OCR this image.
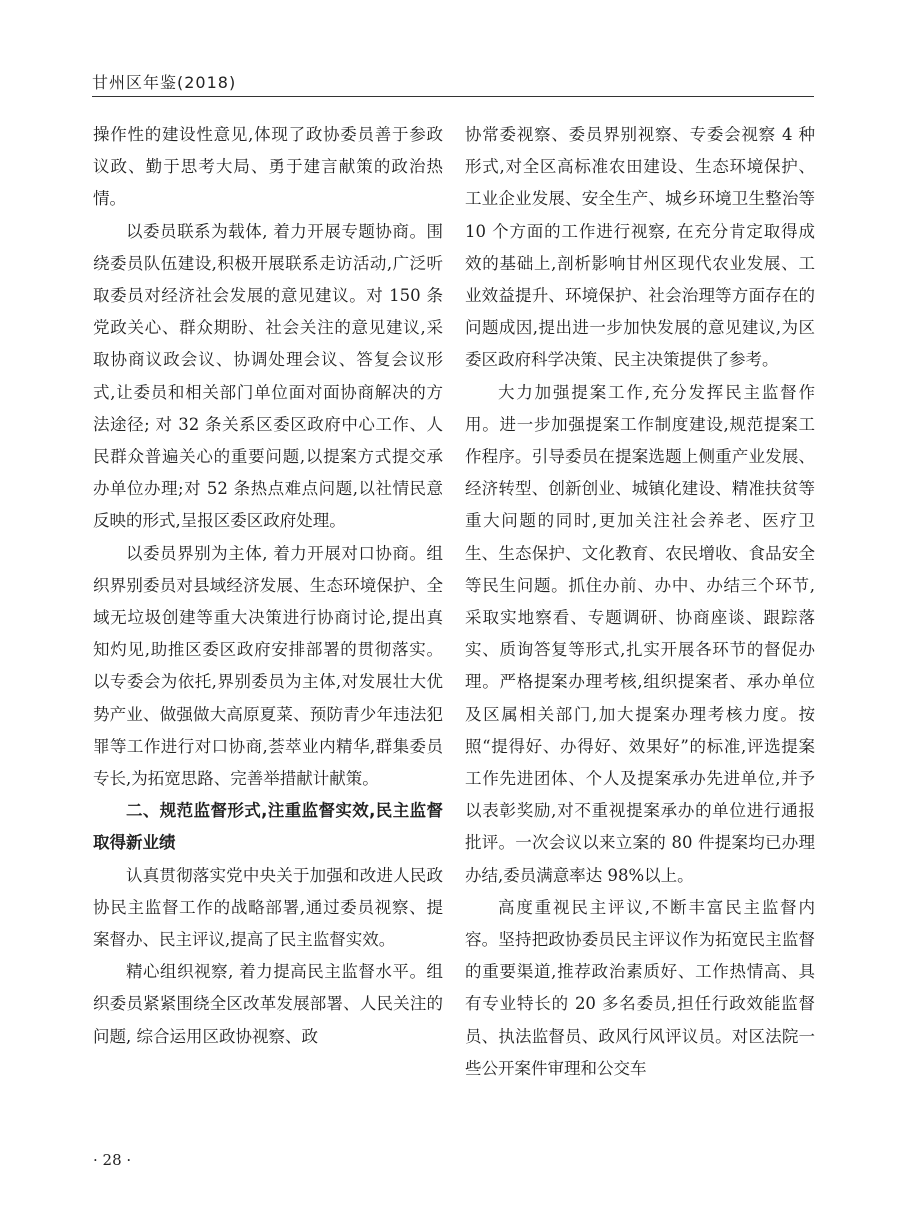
甘州区年鉴(2018)

操作性的建设性意见,体现了政协委员善于参政议政、勤于思考大局、勇于建言献策的政治热情。

以委员联系为载体, 着力开展专题协商。围绕委员队伍建设,积极开展联系走访活动,广泛听取委员对经济社会发展的意见建议。对 150 条党政关心、群众期盼、社会关注的意见建议,采取协商议政会议、协调处理会议、答复会议形式,让委员和相关部门单位面对面协商解决的方法途径; 对 32 条关系区委区政府中心工作、人民群众普遍关心的重要问题,以提案方式提交承办单位办理;对 52 条热点难点问题,以社情民意反映的形式,呈报区委区政府处理。

以委员界别为主体, 着力开展对口协商。组织界别委员对县域经济发展、生态环境保护、全域无垃圾创建等重大决策进行协商讨论,提出真知灼见,助推区委区政府安排部署的贯彻落实。以专委会为依托,界别委员为主体,对发展壮大优势产业、做强做大高原夏菜、预防青少年违法犯罪等工作进行对口协商,荟萃业内精华,群集委员专长,为拓宽思路、完善举措献计献策。

二、规范监督形式,注重监督实效,民主监督取得新业绩

认真贯彻落实党中央关于加强和改进人民政协民主监督工作的战略部署,通过委员视察、提案督办、民主评议,提高了民主监督实效。

精心组织视察, 着力提高民主监督水平。组织委员紧紧围绕全区改革发展部署、人民关注的问题, 综合运用区政协视察、政

协常委视察、委员界别视察、专委会视察 4 种形式,对全区高标准农田建设、生态环境保护、工业企业发展、安全生产、城乡环境卫生整治等 10 个方面的工作进行视察, 在充分肯定取得成效的基础上,剖析影响甘州区现代农业发展、工业效益提升、环境保护、社会治理等方面存在的问题成因,提出进一步加快发展的意见建议,为区委区政府科学决策、民主决策提供了参考。

大力加强提案工作,充分发挥民主监督作用。进一步加强提案工作制度建设,规范提案工作程序。引导委员在提案选题上侧重产业发展、经济转型、创新创业、城镇化建设、精准扶贫等重大问题的同时,更加关注社会养老、医疗卫生、生态保护、文化教育、农民增收、食品安全等民生问题。抓住办前、办中、办结三个环节,采取实地察看、专题调研、协商座谈、跟踪落实、质询答复等形式,扎实开展各环节的督促办理。严格提案办理考核,组织提案者、承办单位及区属相关部门,加大提案办理考核力度。按照“提得好、办得好、效果好”的标准,评选提案工作先进团体、个人及提案承办先进单位,并予以表彰奖励,对不重视提案承办的单位进行通报批评。一次会议以来立案的 80 件提案均已办理办结,委员满意率达 98%以上。

高度重视民主评议,不断丰富民主监督内容。坚持把政协委员民主评议作为拓宽民主监督的重要渠道,推荐政治素质好、工作热情高、具有专业特长的 20 多名委员,担任行政效能监督员、执法监督员、政风行风评议员。对区法院一些公开案件审理和公交车

· 28 ·
